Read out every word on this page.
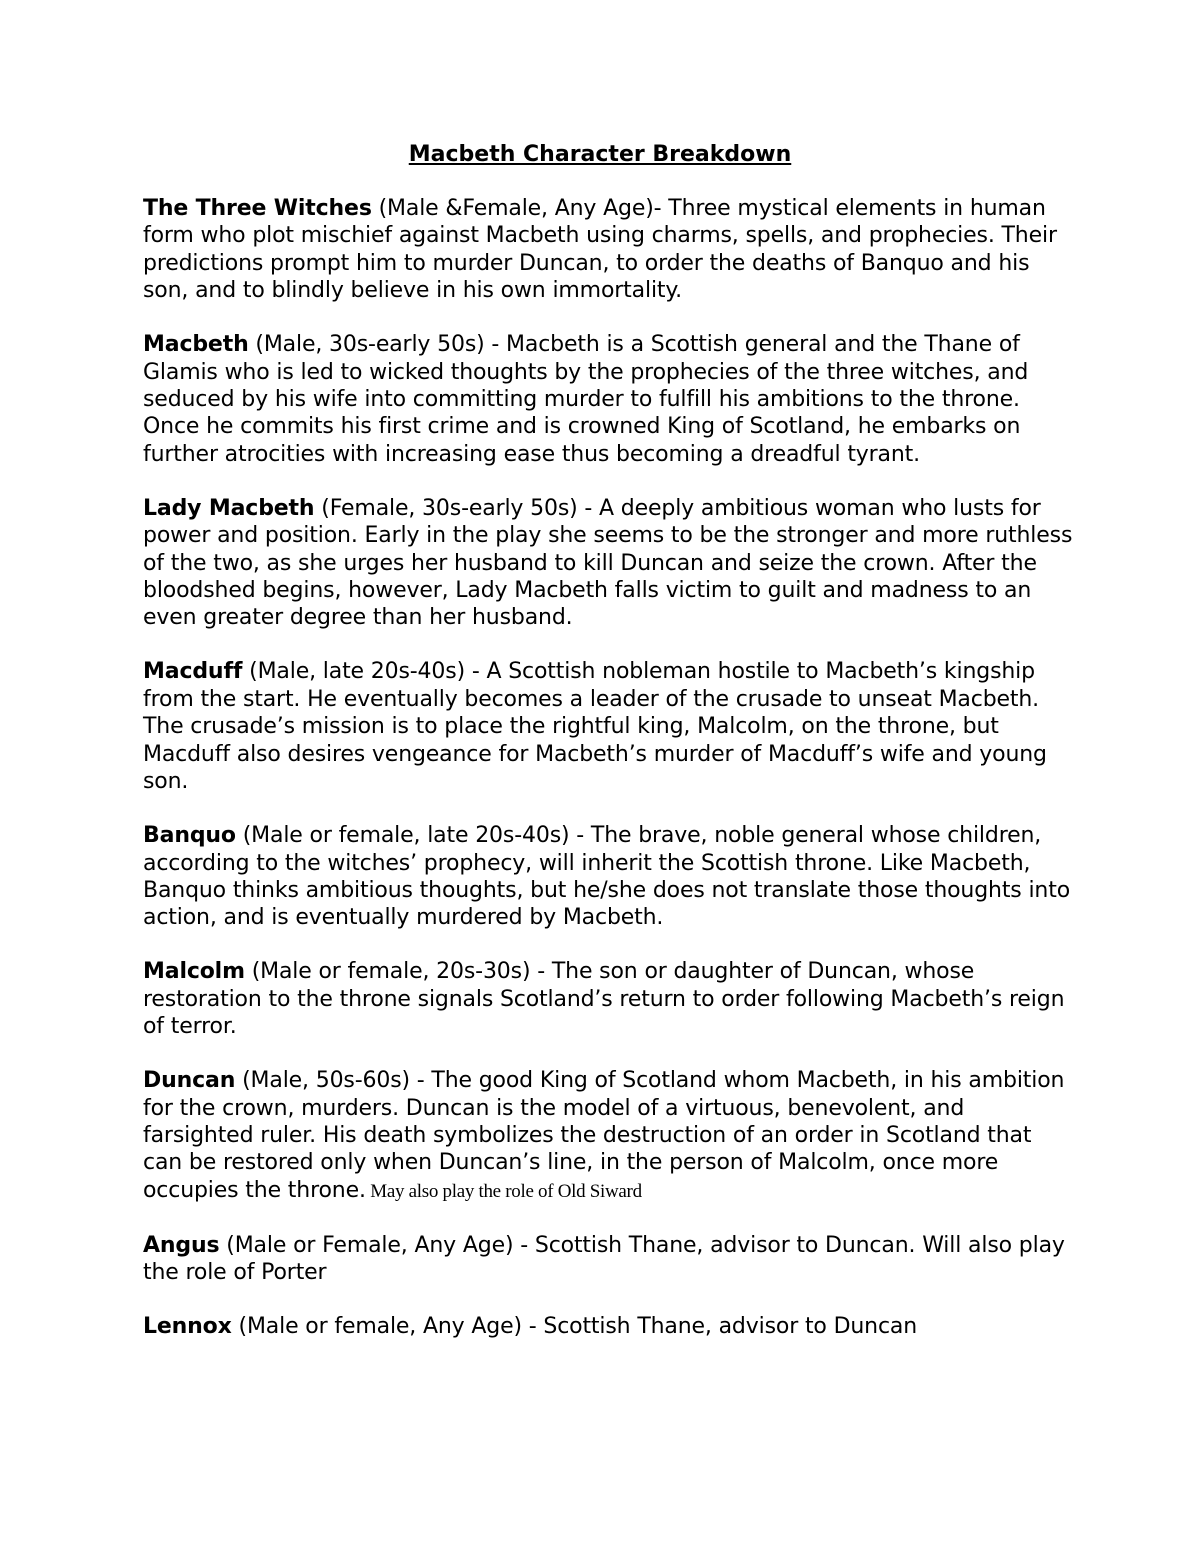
Macbeth Character Breakdown

The Three Witches (Male &Female, Any Age)- Three mystical elements in human form who plot mischief against Macbeth using charms, spells, and prophecies. Their predictions prompt him to murder Duncan, to order the deaths of Banquo and his son, and to blindly believe in his own immortality.

Macbeth (Male, 30s-early 50s) - Macbeth is a Scottish general and the Thane of Glamis who is led to wicked thoughts by the prophecies of the three witches, and seduced by his wife into committing murder to fulfill his ambitions to the throne. Once he commits his first crime and is crowned King of Scotland, he embarks on further atrocities with increasing ease thus becoming a dreadful tyrant.

Lady Macbeth (Female, 30s-early 50s) - A deeply ambitious woman who lusts for power and position. Early in the play she seems to be the stronger and more ruthless of the two, as she urges her husband to kill Duncan and seize the crown. After the bloodshed begins, however, Lady Macbeth falls victim to guilt and madness to an even greater degree than her husband.

Macduff (Male, late 20s-40s) - A Scottish nobleman hostile to Macbeth’s kingship from the start. He eventually becomes a leader of the crusade to unseat Macbeth. The crusade’s mission is to place the rightful king, Malcolm, on the throne, but Macduff also desires vengeance for Macbeth’s murder of Macduff’s wife and young son.

Banquo (Male or female, late 20s-40s) - The brave, noble general whose children, according to the witches’ prophecy, will inherit the Scottish throne. Like Macbeth, Banquo thinks ambitious thoughts, but he/she does not translate those thoughts into action, and is eventually murdered by Macbeth.

Malcolm (Male or female, 20s-30s) - The son or daughter of Duncan, whose restoration to the throne signals Scotland’s return to order following Macbeth’s reign of terror.

Duncan (Male, 50s-60s) - The good King of Scotland whom Macbeth, in his ambition for the crown, murders. Duncan is the model of a virtuous, benevolent, and farsighted ruler. His death symbolizes the destruction of an order in Scotland that can be restored only when Duncan’s line, in the person of Malcolm, once more occupies the throne. May also play the role of Old Siward

Angus (Male or Female, Any Age) - Scottish Thane, advisor to Duncan. Will also play the role of Porter

Lennox (Male or female, Any Age) - Scottish Thane, advisor to Duncan
